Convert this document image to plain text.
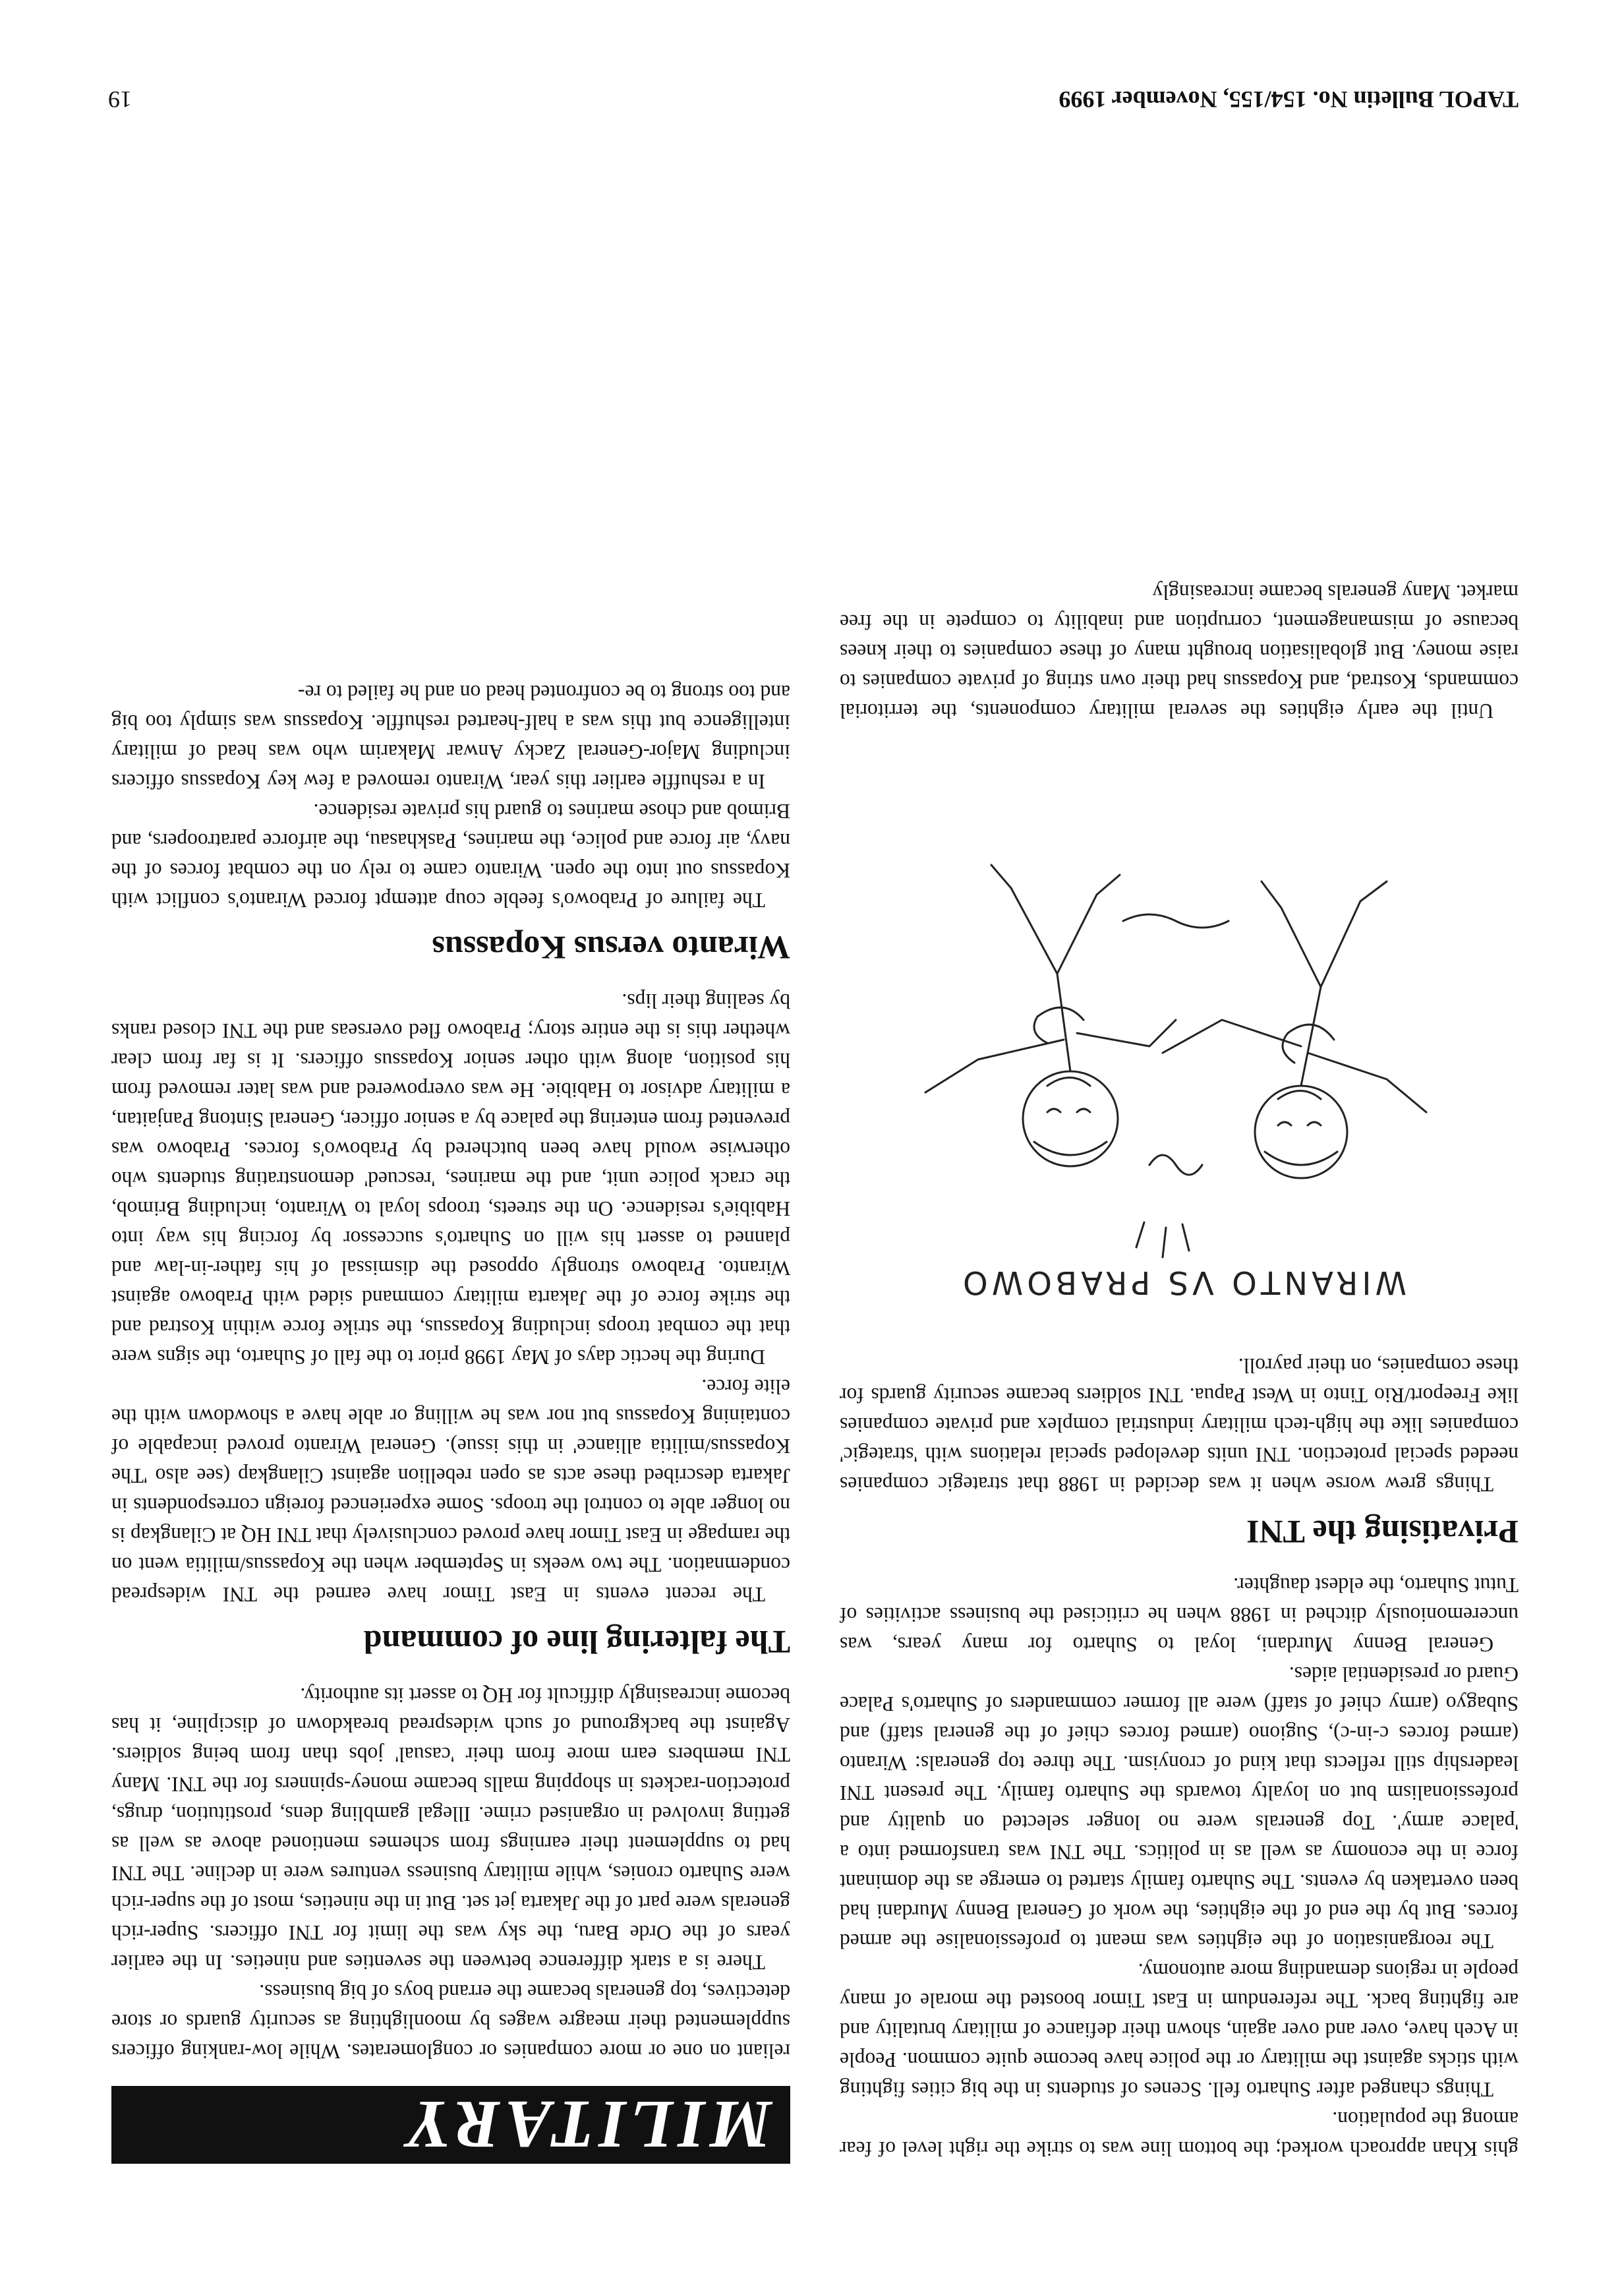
ghis Khan approach worked; the bottom line was to strike the right level of fear among the population.

Things changed after Suharto fell. Scenes of students in the big cities fighting with sticks against the military or the police have become quite common. People in Aceh have, over and over again, shown their defiance of military brutality and are fighting back. The referendum in East Timor boosted the morale of many people in regions demanding more autonomy.

The reorganisation of the eighties was meant to professionalise the armed forces. But by the end of the eighties, the work of General Benny Murdani had been overtaken by events. The Suharto family started to emerge as the dominant force in the economy as well as in politics. The TNI was transformed into a 'palace army'. Top generals were no longer selected on quality and professionalism but on loyalty towards the Suharto family. The present TNI leadership still reflects that kind of cronyism. The three top generals: Wiranto (armed forces c-in-c), Sugiono (armed forces chief of the general staff) and Subagyo (army chief of staff) were all former commanders of Suharto's Palace Guard or presidential aides.

General Benny Murdani, loyal to Suharto for many years, was unceremoniously ditched in 1988 when he criticised the business activities of Tutut Suharto, the eldest daughter.

Privatising the TNI

Things grew worse when it was decided in 1988 that strategic companies needed special protection. TNI units developed special relations with 'strategic' companies like the high-tech military industrial complex and private companies like Freeport/Rio Tinto in West Papua. TNI soldiers became security guards for these companies, on their payroll.

WIRANTO VS PRABOWO

Until the early eighties the several military components, the territorial commands, Kostrad, and Kopassus had their own string of private companies to raise money. But globalisation brought many of these companies to their knees because of mismanagement, corruption and inability to compete in the free market. Many generals became increasingly

MILITARY

reliant on one or more companies or conglomerates. While low-ranking officers supplemented their meagre wages by moonlighting as security guards or store detectives, top generals became the errand boys of big business.

There is a stark difference between the seventies and nineties. In the earlier years of the Orde Baru, the sky was the limit for TNI officers. Super-rich generals were part of the Jakarta jet set. But in the nineties, most of the super-rich were Suharto cronies, while military business ventures were in decline. The TNI had to supplement their earnings from schemes mentioned above as well as getting involved in organised crime. Illegal gambling dens, prostitution, drugs, protection-rackets in shopping malls became money-spinners for the TNI. Many TNI members earn more from their 'casual' jobs than from being soldiers. Against the background of such widespread breakdown of discipline, it has become increasingly difficult for HQ to assert its authority.

The faltering line of command

The recent events in East Timor have earned the TNI widespread condemnation. The two weeks in September when the Kopassus/militia went on the rampage in East Timor have proved conclusively that TNI HQ at Cilangkap is no longer able to control the troops. Some experienced foreign correspondents in Jakarta described these acts as open rebellion against Cilangkap (see also 'The Kopassus/militia alliance' in this issue). General Wiranto proved incapable of containing Kopassus but nor was he willing or able have a showdown with the elite force.

During the hectic days of May 1998 prior to the fall of Suharto, the signs were that the combat troops including Kopassus, the strike force within Kostrad and the strike force of the Jakarta military command sided with Prabowo against Wiranto. Prabowo strongly opposed the dismissal of his father-in-law and planned to assert his will on Suharto's successor by forcing his way into Habibie's residence. On the streets, troops loyal to Wiranto, including Brimob, the crack police unit, and the marines, 'rescued' demonstrating students who otherwise would have been butchered by Prabowo's forces. Prabowo was prevented from entering the palace by a senior officer, General Sintong Panjaitan, a military advisor to Habibie. He was overpowered and was later removed from his position, along with other senior Kopassus officers. It is far from clear whether this is the entire story; Prabowo fled overseas and the TNI closed ranks by sealing their lips.

Wiranto versus Kopassus

The failure of Prabowo's feeble coup attempt forced Wiranto's conflict with Kopassus out into the open. Wiranto came to rely on the combat forces of the navy, air force and police, the marines, Paskhasau, the airforce paratroopers, and Brimob and chose marines to guard his private residence.

In a reshuffle earlier this year, Wiranto removed a few key Kopassus officers including Major-General Zacky Anwar Makarim who was head of military intelligence but this was a half-hearted reshuffle. Kopassus was simply too big and too strong to be confronted head on and he failed to re-

TAPOL Bulletin No. 154/155, November 1999
19
